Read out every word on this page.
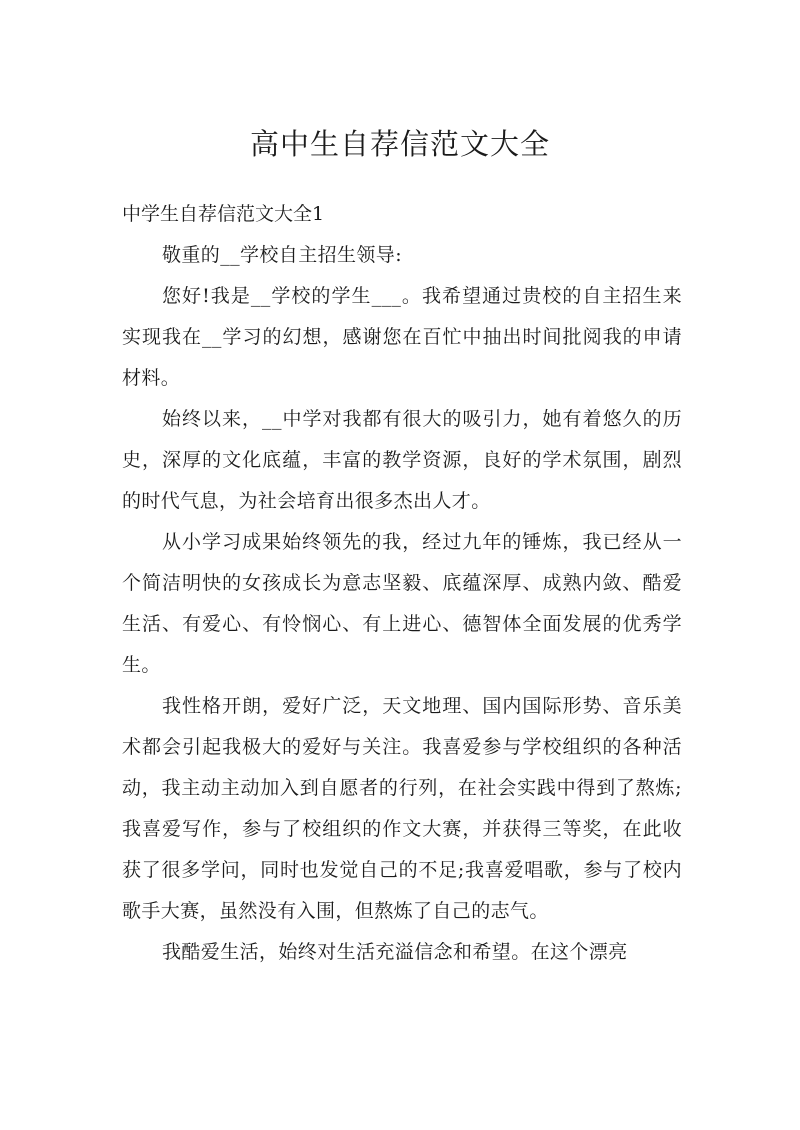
高中生自荐信范文大全

中学生自荐信范文大全1

敬重的__学校自主招生领导:

您好!我是__学校的学生___。我希望通过贵校的自主招生来实现我在__学习的幻想，感谢您在百忙中抽出时间批阅我的申请材料。

始终以来，__中学对我都有很大的吸引力，她有着悠久的历史，深厚的文化底蕴，丰富的教学资源，良好的学术氛围，剧烈的时代气息，为社会培育出很多杰出人才。

从小学习成果始终领先的我，经过九年的锤炼，我已经从一个简洁明快的女孩成长为意志坚毅、底蕴深厚、成熟内敛、酷爱生活、有爱心、有怜悯心、有上进心、德智体全面发展的优秀学生。

我性格开朗，爱好广泛，天文地理、国内国际形势、音乐美术都会引起我极大的爱好与关注。我喜爱参与学校组织的各种活动，我主动主动加入到自愿者的行列，在社会实践中得到了熬炼;我喜爱写作，参与了校组织的作文大赛，并获得三等奖，在此收获了很多学问，同时也发觉自己的不足;我喜爱唱歌，参与了校内歌手大赛，虽然没有入围，但熬炼了自己的志气。

我酷爱生活，始终对生活充溢信念和希望。在这个漂亮
